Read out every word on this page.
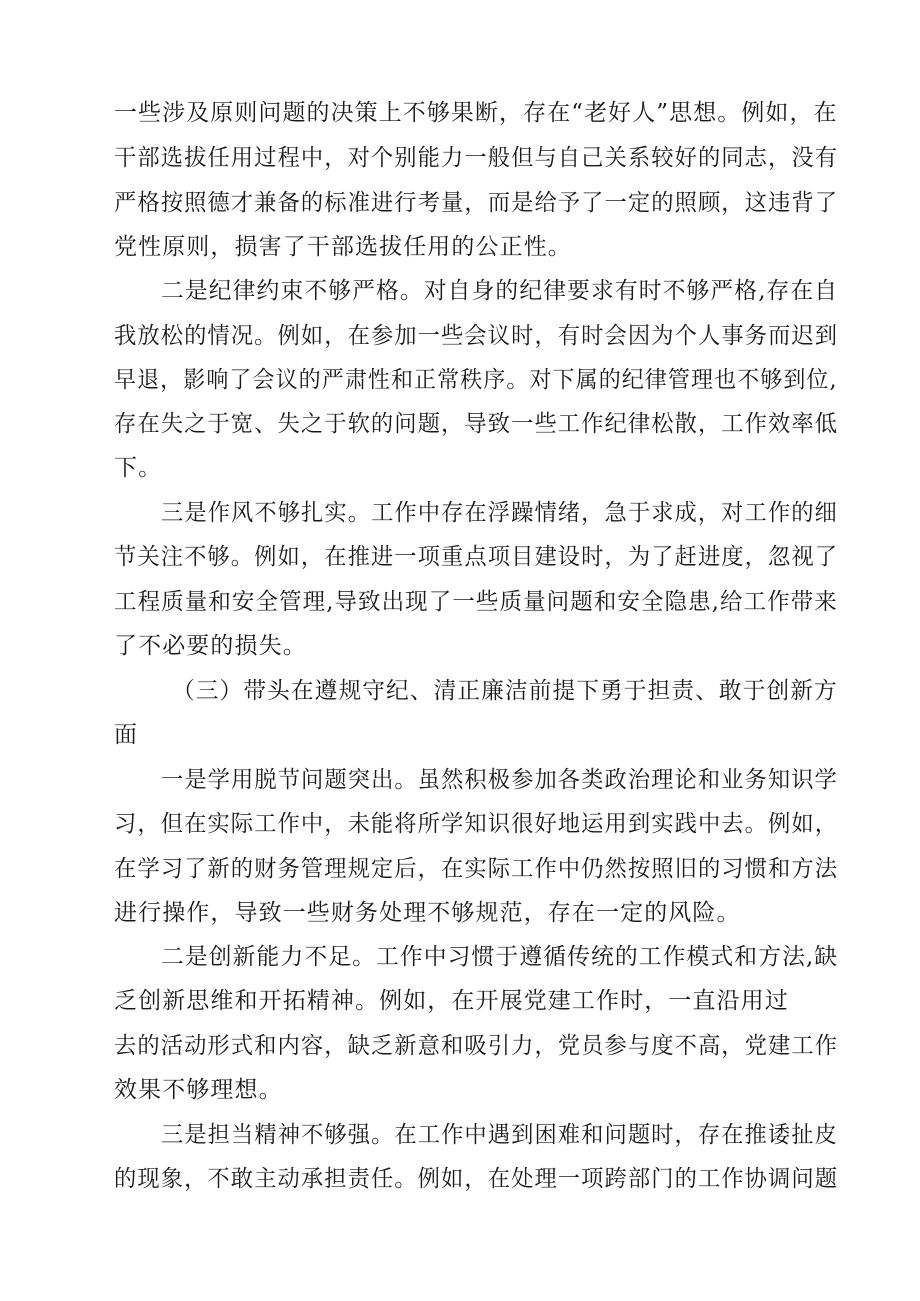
一些涉及原则问题的决策上不够果断，存在“老好人”思想。例如，在
干部选拔任用过程中，对个别能力一般但与自己关系较好的同志，没有
严格按照德才兼备的标准进行考量，而是给予了一定的照顾，这违背了
党性原则，损害了干部选拔任用的公正性。
二是纪律约束不够严格。对自身的纪律要求有时不够严格,存在自
我放松的情况。例如，在参加一些会议时，有时会因为个人事务而迟到
早退，影响了会议的严肃性和正常秩序。对下属的纪律管理也不够到位,
存在失之于宽、失之于软的问题，导致一些工作纪律松散，工作效率低
下。
三是作风不够扎实。工作中存在浮躁情绪，急于求成，对工作的细
节关注不够。例如，在推进一项重点项目建设时，为了赶进度，忽视了
工程质量和安全管理,导致出现了一些质量问题和安全隐患,给工作带来
了不必要的损失。
（三）带头在遵规守纪、清正廉洁前提下勇于担责、敢于创新方
面
一是学用脱节问题突出。虽然积极参加各类政治理论和业务知识学
习，但在实际工作中，未能将所学知识很好地运用到实践中去。例如，
在学习了新的财务管理规定后，在实际工作中仍然按照旧的习惯和方法
进行操作，导致一些财务处理不够规范，存在一定的风险。
二是创新能力不足。工作中习惯于遵循传统的工作模式和方法,缺
乏创新思维和开拓精神。例如，在开展党建工作时，一直沿用过
去的活动形式和内容，缺乏新意和吸引力，党员参与度不高，党建工作
效果不够理想。
三是担当精神不够强。在工作中遇到困难和问题时，存在推诿扯皮
的现象，不敢主动承担责任。例如，在处理一项跨部门的工作协调问题
